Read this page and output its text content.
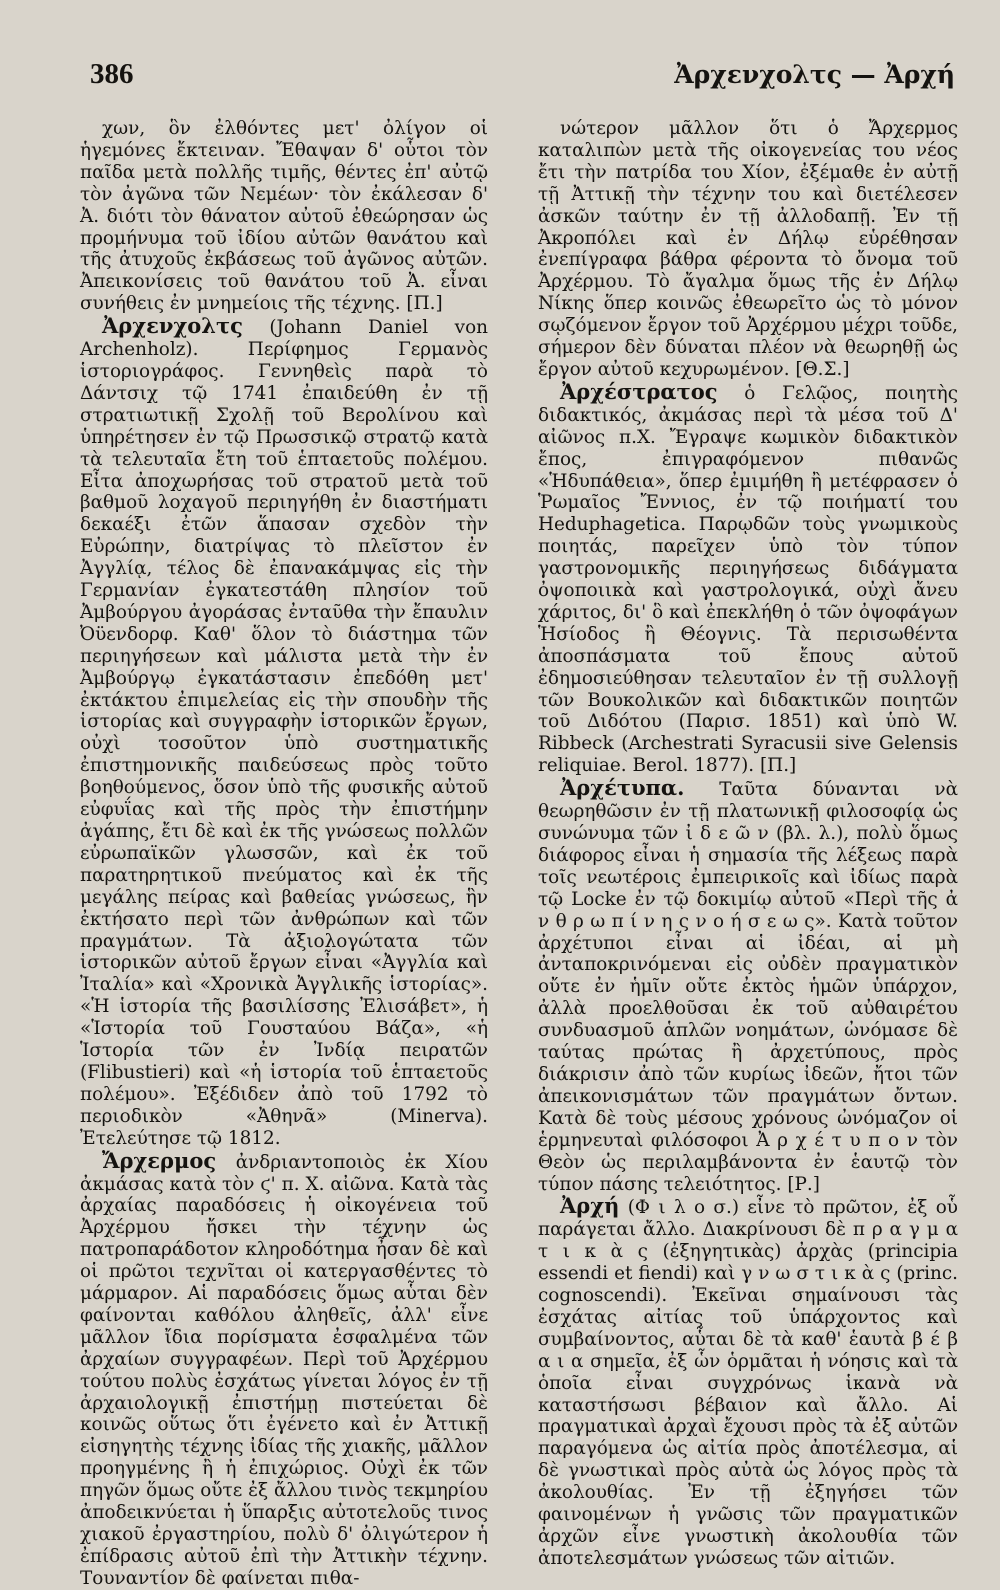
386	Ἀρχενχολτς — Ἀρχή

χων, ὃν ἐλθόντες μετ' ὀλίγον οἱ ἡγεμόνες ἔκτειναν. Ἔθαψαν δ' οὗτοι τὸν παῖδα μετὰ πολλῆς τιμῆς, θέντες ἐπ' αὐτῷ τὸν ἀγῶνα τῶν Νεμέων· τὸν ἐκάλεσαν δ' Ἀ. διότι τὸν θάνατον αὐτοῦ ἐθεώρησαν ὡς προμήνυμα τοῦ ἰδίου αὐτῶν θανάτου καὶ τῆς ἀτυχοῦς ἐκβάσεως τοῦ ἀγῶνος αὐτῶν. Ἀπεικονίσεις τοῦ θανάτου τοῦ Ἀ. εἶναι συνήθεις ἐν μνημείοις τῆς τέχνης. [Π.]

Ἀρχενχολτς (Johann Daniel von Archenholz). Περίφημος Γερμανὸς ἱστοριογράφος. Γεννηθεὶς παρὰ τὸ Δάντσιχ τῷ 1741 ἐπαιδεύθη ἐν τῇ στρατιωτικῇ Σχολῇ τοῦ Βερολίνου καὶ ὑπηρέτησεν ἐν τῷ Πρωσσικῷ στρατῷ κατὰ τὰ τελευταῖα ἔτη τοῦ ἑπταετοῦς πολέμου. Εἶτα ἀποχωρήσας τοῦ στρατοῦ μετὰ τοῦ βαθμοῦ λοχαγοῦ περιηγήθη ἐν διαστήματι δεκαέξι ἐτῶν ἅπασαν σχεδὸν τὴν Εὐρώπην, διατρίψας τὸ πλεῖστον ἐν Ἀγγλίᾳ, τέλος δὲ ἐπανακάμψας εἰς τὴν Γερμανίαν ἐγκατεστάθη πλησίον τοῦ Ἀμβούργου ἀγοράσας ἐνταῦθα τὴν ἔπαυλιν Ὀϋενδορφ. Καθ' ὅλον τὸ διάστημα τῶν περιηγήσεων καὶ μάλιστα μετὰ τὴν ἐν Ἀμβούργῳ ἐγκατάστασιν ἐπεδόθη μετ' ἐκτάκτου ἐπιμελείας εἰς τὴν σπουδὴν τῆς ἱστορίας καὶ συγγραφὴν ἱστορικῶν ἔργων, οὐχὶ τοσοῦτον ὑπὸ συστηματικῆς ἐπιστημονικῆς παιδεύσεως πρὸς τοῦτο βοηθούμενος, ὅσον ὑπὸ τῆς φυσικῆς αὐτοῦ εὐφυΐας καὶ τῆς πρὸς τὴν ἐπιστήμην ἀγάπης, ἔτι δὲ καὶ ἐκ τῆς γνώσεως πολλῶν εὐρωπαϊκῶν γλωσσῶν, καὶ ἐκ τοῦ παρατηρητικοῦ πνεύματος καὶ ἐκ τῆς μεγάλης πείρας καὶ βαθείας γνώσεως, ἣν ἐκτήσατο περὶ τῶν ἀνθρώπων καὶ τῶν πραγμάτων. Τὰ ἀξιολογώτατα τῶν ἱστορικῶν αὐτοῦ ἔργων εἶναι «Ἀγγλία καὶ Ἰταλία» καὶ «Χρονικὰ Ἀγγλικῆς ἱστορίας». «Ἡ ἱστορία τῆς βασιλίσσης Ἐλισάβετ», ἡ «Ἱστορία τοῦ Γουσταύου Βάζα», «ἡ Ἱστορία τῶν ἐν Ἰνδίᾳ πειρατῶν (Flibustieri) καὶ «ἡ ἱστορία τοῦ ἑπταετοῦς πολέμου». Ἐξέδιδεν ἀπὸ τοῦ 1792 τὸ περιοδικὸν «Ἀθηνᾶ» (Minerva). Ἐτελεύτησε τῷ 1812.

Ἄρχερμος ἀνδριαντοποιὸς ἐκ Χίου ἀκμάσας κατὰ τὸν ϛ' π. Χ. αἰῶνα. Κατὰ τὰς ἀρχαίας παραδόσεις ἡ οἰκογένεια τοῦ Ἀρχέρμου ἤσκει τὴν τέχνην ὡς πατροπαράδοτον κληροδότημα ἦσαν δὲ καὶ οἱ πρῶτοι τεχνῖται οἱ κατεργασθέντες τὸ μάρμαρον. Αἱ παραδόσεις ὅμως αὗται δὲν φαίνονται καθόλου ἀληθεῖς, ἀλλ' εἶνε μᾶλλον ἴδια πορίσματα ἐσφαλμένα τῶν ἀρχαίων συγγραφέων. Περὶ τοῦ Ἀρχέρμου τούτου πολὺς ἐσχάτως γίνεται λόγος ἐν τῇ ἀρχαιολογικῇ ἐπιστήμῃ πιστεύεται δὲ κοινῶς οὕτως ὅτι ἐγένετο καὶ ἐν Ἀττικῇ εἰσηγητὴς τέχνης ἰδίας τῆς χιακῆς, μᾶλλον προηγμένης ἢ ἡ ἐπιχώριος. Οὐχὶ ἐκ τῶν πηγῶν ὅμως οὔτε ἐξ ἄλλου τινὸς τεκμηρίου ἀποδεικνύεται ἡ ὕπαρξις αὐτοτελοῦς τινος χιακοῦ ἐργαστηρίου, πολὺ δ' ὀλιγώτερον ἡ ἐπίδρασις αὐτοῦ ἐπὶ τὴν Ἀττικὴν τέχνην. Τουναντίον δὲ φαίνεται πιθα-

νώτερον μᾶλλον ὅτι ὁ Ἄρχερμος καταλιπὼν μετὰ τῆς οἰκογενείας του νέος ἔτι τὴν πατρίδα του Χίον, ἐξέμαθε ἐν αὐτῇ τῇ Ἀττικῇ τὴν τέχνην του καὶ διετέλεσεν ἀσκῶν ταύτην ἐν τῇ ἀλλοδαπῇ. Ἐν τῇ Ἀκροπόλει καὶ ἐν Δήλῳ εὑρέθησαν ἐνεπίγραφα βάθρα φέροντα τὸ ὄνομα τοῦ Ἀρχέρμου. Τὸ ἄγαλμα ὅμως τῆς ἐν Δήλῳ Νίκης ὅπερ κοινῶς ἐθεωρεῖτο ὡς τὸ μόνον σῳζόμενον ἔργον τοῦ Ἀρχέρμου μέχρι τοῦδε, σήμερον δὲν δύναται πλέον νὰ θεωρηθῇ ὡς ἔργον αὐτοῦ κεχυρωμένον. [Θ.Σ.]

Ἀρχέστρατος ὁ Γελῷος, ποιητὴς διδακτικός, ἀκμάσας περὶ τὰ μέσα τοῦ Δ' αἰῶνος π.Χ. Ἔγραψε κωμικὸν διδακτικὸν ἔπος, ἐπιγραφόμενον πιθανῶς «Ἡδυπάθεια», ὅπερ ἐμιμήθη ἢ μετέφρασεν ὁ Ῥωμαῖος Ἔννιος, ἐν τῷ ποιήματί του Heduphagetica. Παρῳδῶν τοὺς γνωμικοὺς ποιητάς, παρεῖχεν ὑπὸ τὸν τύπον γαστρονομικῆς περιηγήσεως διδάγματα ὀψοποιικὰ καὶ γαστρολογικά, οὐχὶ ἄνευ χάριτος, δι' ὃ καὶ ἐπεκλήθη ὁ τῶν ὀψοφάγων Ἡσίοδος ἢ Θέογνις. Τὰ περισωθέντα ἀποσπάσματα τοῦ ἔπους αὐτοῦ ἐδημοσιεύθησαν τελευταῖον ἐν τῇ συλλογῇ τῶν Βουκολικῶν καὶ διδακτικῶν ποιητῶν τοῦ Διδότου (Παρισ. 1851) καὶ ὑπὸ W. Ribbeck (Archestrati Syracusii sive Gelensis reliquiae. Berol. 1877). [Π.]

Ἀρχέτυπα. Ταῦτα δύνανται νὰ θεωρηθῶσιν ἐν τῇ πλατωνικῇ φιλοσοφίᾳ ὡς συνώνυμα τῶν ἰ δ ε ῶ ν (βλ. λ.), πολὺ ὅμως διάφορος εἶναι ἡ σημασία τῆς λέξεως παρὰ τοῖς νεωτέροις ἐμπειρικοῖς καὶ ἰδίως παρὰ τῷ Locke ἐν τῷ δοκιμίῳ αὐτοῦ «Περὶ τῆς ἀ ν θ ρ ω π ί ν η ς ν ο ή σ ε ω ς». Κατὰ τοῦτον ἀρχέτυποι εἶναι αἱ ἰδέαι, αἱ μὴ ἀνταποκρινόμεναι εἰς οὐδὲν πραγματικὸν οὔτε ἐν ἡμῖν οὔτε ἐκτὸς ἡμῶν ὑπάρχον, ἀλλὰ προελθοῦσαι ἐκ τοῦ αὐθαιρέτου συνδυασμοῦ ἁπλῶν νοημάτων, ὠνόμασε δὲ ταύτας πρώτας ἢ ἀρχετύπους, πρὸς διάκρισιν ἀπὸ τῶν κυρίως ἰδεῶν, ἤτοι τῶν ἀπεικονισμάτων τῶν πραγμάτων ὄντων. Κατὰ δὲ τοὺς μέσους χρόνους ὠνόμαζον οἱ ἑρμηνευταὶ φιλόσοφοι Ἀ ρ χ έ τ υ π ο ν τὸν Θεὸν ὡς περιλαμβάνοντα ἐν ἑαυτῷ τὸν τύπον πάσης τελειότητος. [Ρ.]

Ἀρχή (Φ ι λ ο σ.) εἶνε τὸ πρῶτον, ἐξ οὗ παράγεται ἄλλο. Διακρίνουσι δὲ π ρ α γ μ α τ ι κ ὰ ς (ἐξηγητικὰς) ἀρχὰς (principia essendi et fiendi) καὶ γ ν ω σ τ ι κ ὰ ς (princ. cognoscendi). Ἐκεῖναι σημαίνουσι τὰς ἐσχάτας αἰτίας τοῦ ὑπάρχοντος καὶ συμβαίνοντος, αὗται δὲ τὰ καθ' ἑαυτὰ β έ β α ι α σημεῖα, ἐξ ὧν ὁρμᾶται ἡ νόησις καὶ τὰ ὁποῖα εἶναι συγχρόνως ἱκανὰ νὰ καταστήσωσι βέβαιον καὶ ἄλλο. Αἱ πραγματικαὶ ἀρχαὶ ἔχουσι πρὸς τὰ ἐξ αὐτῶν παραγόμενα ὡς αἰτία πρὸς ἀποτέλεσμα, αἱ δὲ γνωστικαὶ πρὸς αὐτὰ ὡς λόγος πρὸς τὰ ἀκολουθίας. Ἐν τῇ ἐξηγήσει τῶν φαινομένων ἡ γνῶσις τῶν πραγματικῶν ἀρχῶν εἶνε γνωστικὴ ἀκολουθία τῶν ἀποτελεσμάτων γνώσεως τῶν αἰτιῶν.
